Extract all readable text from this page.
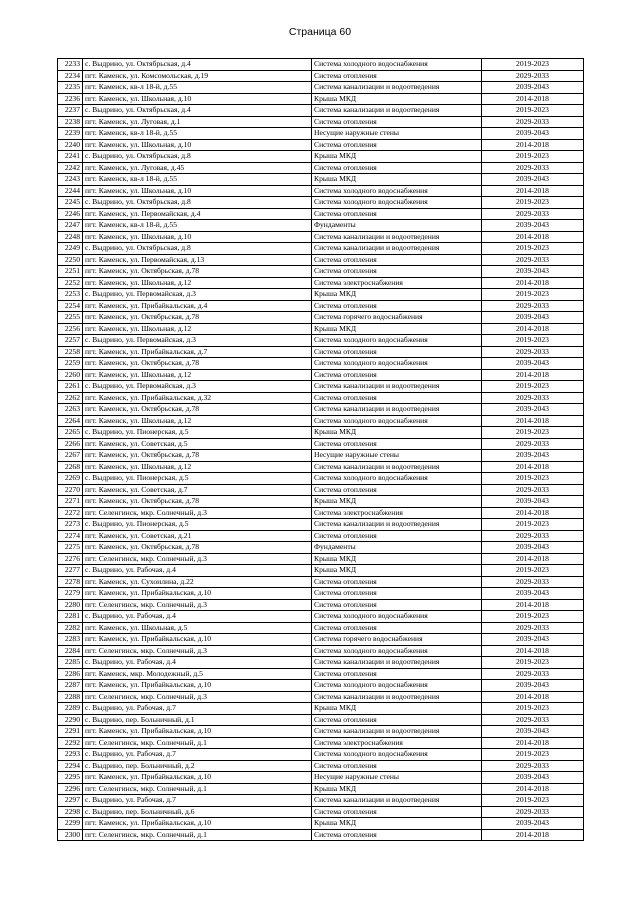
Страница 60
2233	с. Выдрино, ул. Октябрьская, д.4	Система холодного водоснабжения	2019-2023
2234	пгт. Каменск, ул. Комсомольская, д.19	Система отопления	2029-2033
2235	пгт. Каменск, кв-л 18-й, д.55	Система канализации и водоотведения	2039-2043
2236	пгт. Каменск, ул. Школьная, д.10	Крыша МКД	2014-2018
2237	с. Выдрино, ул. Октябрьская, д.4	Система канализации и водоотведения	2019-2023
2238	пгт. Каменск, ул. Луговая, д.1	Система отопления	2029-2033
2239	пгт. Каменск, кв-л 18-й, д.55	Несущие наружные стены	2039-2043
2240	пгт. Каменск, ул. Школьная, д.10	Система отопления	2014-2018
2241	с. Выдрино, ул. Октябрьская, д.8	Крыша МКД	2019-2023
2242	пгт. Каменск, ул. Луговая, д.45	Система отопления	2029-2033
2243	пгт. Каменск, кв-л 18-й, д.55	Крыша МКД	2039-2043
2244	пгт. Каменск, ул. Школьная, д.10	Система холодного водоснабжения	2014-2018
2245	с. Выдрино, ул. Октябрьская, д.8	Система холодного водоснабжения	2019-2023
2246	пгт. Каменск, ул. Первомайская, д.4	Система отопления	2029-2033
2247	пгт. Каменск, кв-л 18-й, д.55	Фундаменты	2039-2043
2248	пгт. Каменск, ул. Школьная, д.10	Система канализации и водоотведения	2014-2018
2249	с. Выдрино, ул. Октябрьская, д.8	Система канализации и водоотведения	2019-2023
2250	пгт. Каменск, ул. Первомайская, д.13	Система отопления	2029-2033
2251	пгт. Каменск, ул. Октябрьская, д.78	Система отопления	2039-2043
2252	пгт. Каменск, ул. Школьная, д.12	Система электроснабжения	2014-2018
2253	с. Выдрино, ул. Первомайская, д.3	Крыша МКД	2019-2023
2254	пгт. Каменск, ул. Прибайкальская, д.4	Система отопления	2029-2033
2255	пгт. Каменск, ул. Октябрьская, д.78	Система горячего водоснабжения	2039-2043
2256	пгт. Каменск, ул. Школьная, д.12	Крыша МКД	2014-2018
2257	с. Выдрино, ул. Первомайская, д.3	Система холодного водоснабжения	2019-2023
2258	пгт. Каменск, ул. Прибайкальская, д.7	Система отопления	2029-2033
2259	пгт. Каменск, ул. Октябрьская, д.78	Система холодного водоснабжения	2039-2043
2260	пгт. Каменск, ул. Школьная, д.12	Система отопления	2014-2018
2261	с. Выдрино, ул. Первомайская, д.3	Система канализации и водоотведения	2019-2023
2262	пгт. Каменск, ул. Прибайкальская, д.32	Система отопления	2029-2033
2263	пгт. Каменск, ул. Октябрьская, д.78	Система канализации и водоотведения	2039-2043
2264	пгт. Каменск, ул. Школьная, д.12	Система холодного водоснабжения	2014-2018
2265	с. Выдрино, ул. Пионерская, д.5	Крыша МКД	2019-2023
2266	пгт. Каменск, ул. Советская, д.5	Система отопления	2029-2033
2267	пгт. Каменск, ул. Октябрьская, д.78	Несущие наружные стены	2039-2043
2268	пгт. Каменск, ул. Школьная, д.12	Система канализации и водоотведения	2014-2018
2269	с. Выдрино, ул. Пионерская, д.5	Система холодного водоснабжения	2019-2023
2270	пгт. Каменск, ул. Советская, д.7	Система отопления	2029-2033
2271	пгт. Каменск, ул. Октябрьская, д.78	Крыша МКД	2039-2043
2272	пгт. Селенгинск, мкр. Солнечный, д.3	Система электроснабжения	2014-2018
2273	с. Выдрино, ул. Пионерская, д.5	Система канализации и водоотведения	2019-2023
2274	пгт. Каменск, ул. Советская, д.21	Система отопления	2029-2033
2275	пгт. Каменск, ул. Октябрьская, д.78	Фундаменты	2039-2043
2276	пгт. Селенгинск, мкр. Солнечный, д.3	Крыша МКД	2014-2018
2277	с. Выдрино, ул. Рабочая, д.4	Крыша МКД	2019-2023
2278	пгт. Каменск, ул. Сухоилина, д.22	Система отопления	2029-2033
2279	пгт. Каменск, ул. Прибайкальская, д.10	Система отопления	2039-2043
2280	пгт. Селенгинск, мкр. Солнечный, д.3	Система отопления	2014-2018
2281	с. Выдрино, ул. Рабочая, д.4	Система холодного водоснабжения	2019-2023
2282	пгт. Каменск, ул. Школьная, д.5	Система отопления	2029-2033
2283	пгт. Каменск, ул. Прибайкальская, д.10	Система горячего водоснабжения	2039-2043
2284	пгт. Селенгинск, мкр. Солнечный, д.3	Система холодного водоснабжения	2014-2018
2285	с. Выдрино, ул. Рабочая, д.4	Система канализации и водоотведения	2019-2023
2286	пгт. Каменск, мкр. Молодежный, д.5	Система отопления	2029-2033
2287	пгт. Каменск, ул. Прибайкальская, д.10	Система холодного водоснабжения	2039-2043
2288	пгт. Селенгинск, мкр. Солнечный, д.3	Система канализации и водоотведения	2014-2018
2289	с. Выдрино, ул. Рабочая, д.7	Крыша МКД	2019-2023
2290	с. Выдрино, пер. Больничный, д.1	Система отопления	2029-2033
2291	пгт. Каменск, ул. Прибайкальская, д.10	Система канализации и водоотведения	2039-2043
2292	пгт. Селенгинск, мкр. Солнечный, д.1	Система электроснабжения	2014-2018
2293	с. Выдрино, ул. Рабочая, д.7	Система холодного водоснабжения	2019-2023
2294	с. Выдрино, пер. Больничный, д.2	Система отопления	2029-2033
2295	пгт. Каменск, ул. Прибайкальская, д.10	Несущие наружные стены	2039-2043
2296	пгт. Селенгинск, мкр. Солнечный, д.1	Крыша МКД	2014-2018
2297	с. Выдрино, ул. Рабочая, д.7	Система канализации и водоотведения	2019-2023
2298	с. Выдрино, пер. Больничный, д.6	Система отопления	2029-2033
2299	пгт. Каменск, ул. Прибайкальская, д.10	Крыша МКД	2039-2043
2300	пгт. Селенгинск, мкр. Солнечный, д.1	Система отопления	2014-2018
